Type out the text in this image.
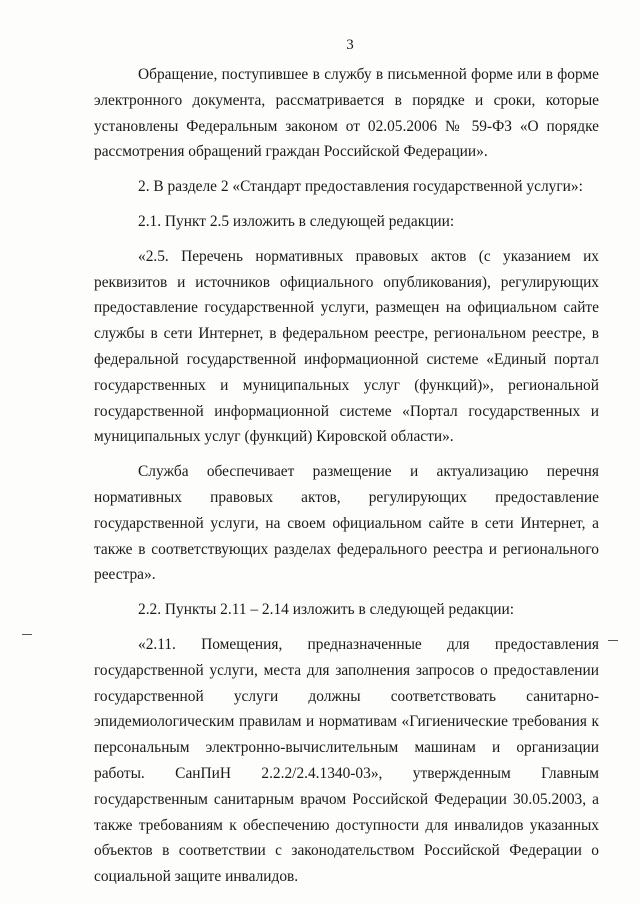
3

Обращение, поступившее в службу в письменной форме или в форме электронного документа, рассматривается в порядке и сроки, которые установлены Федеральным законом от 02.05.2006 № 59-ФЗ «О порядке рассмотрения обращений граждан Российской Федерации».

2. В разделе 2 «Стандарт предоставления государственной услуги»:

2.1. Пункт 2.5 изложить в следующей редакции:

«2.5. Перечень нормативных правовых актов (с указанием их реквизитов и источников официального опубликования), регулирующих предоставление государственной услуги, размещен на официальном сайте службы в сети Интернет, в федеральном реестре, региональном реестре, в федеральной государственной информационной системе «Единый портал государственных и муниципальных услуг (функций)», региональной государственной информационной системе «Портал государственных и муниципальных услуг (функций) Кировской области».

Служба обеспечивает размещение и актуализацию перечня нормативных правовых актов, регулирующих предоставление государственной услуги, на своем официальном сайте в сети Интернет, а также в соответствующих разделах федерального реестра и регионального реестра».

2.2. Пункты 2.11 – 2.14 изложить в следующей редакции:

«2.11. Помещения, предназначенные для предоставления государственной услуги, места для заполнения запросов о предоставлении государственной услуги должны соответствовать санитарно-эпидемиологическим правилам и нормативам «Гигиенические требования к персональным электронно-вычислительным машинам и организации работы. СанПиН 2.2.2/2.4.1340-03», утвержденным Главным государственным санитарным врачом Российской Федерации 30.05.2003, а также требованиям к обеспечению доступности для инвалидов указанных объектов в соответствии с законодательством Российской Федерации о социальной защите инвалидов.
